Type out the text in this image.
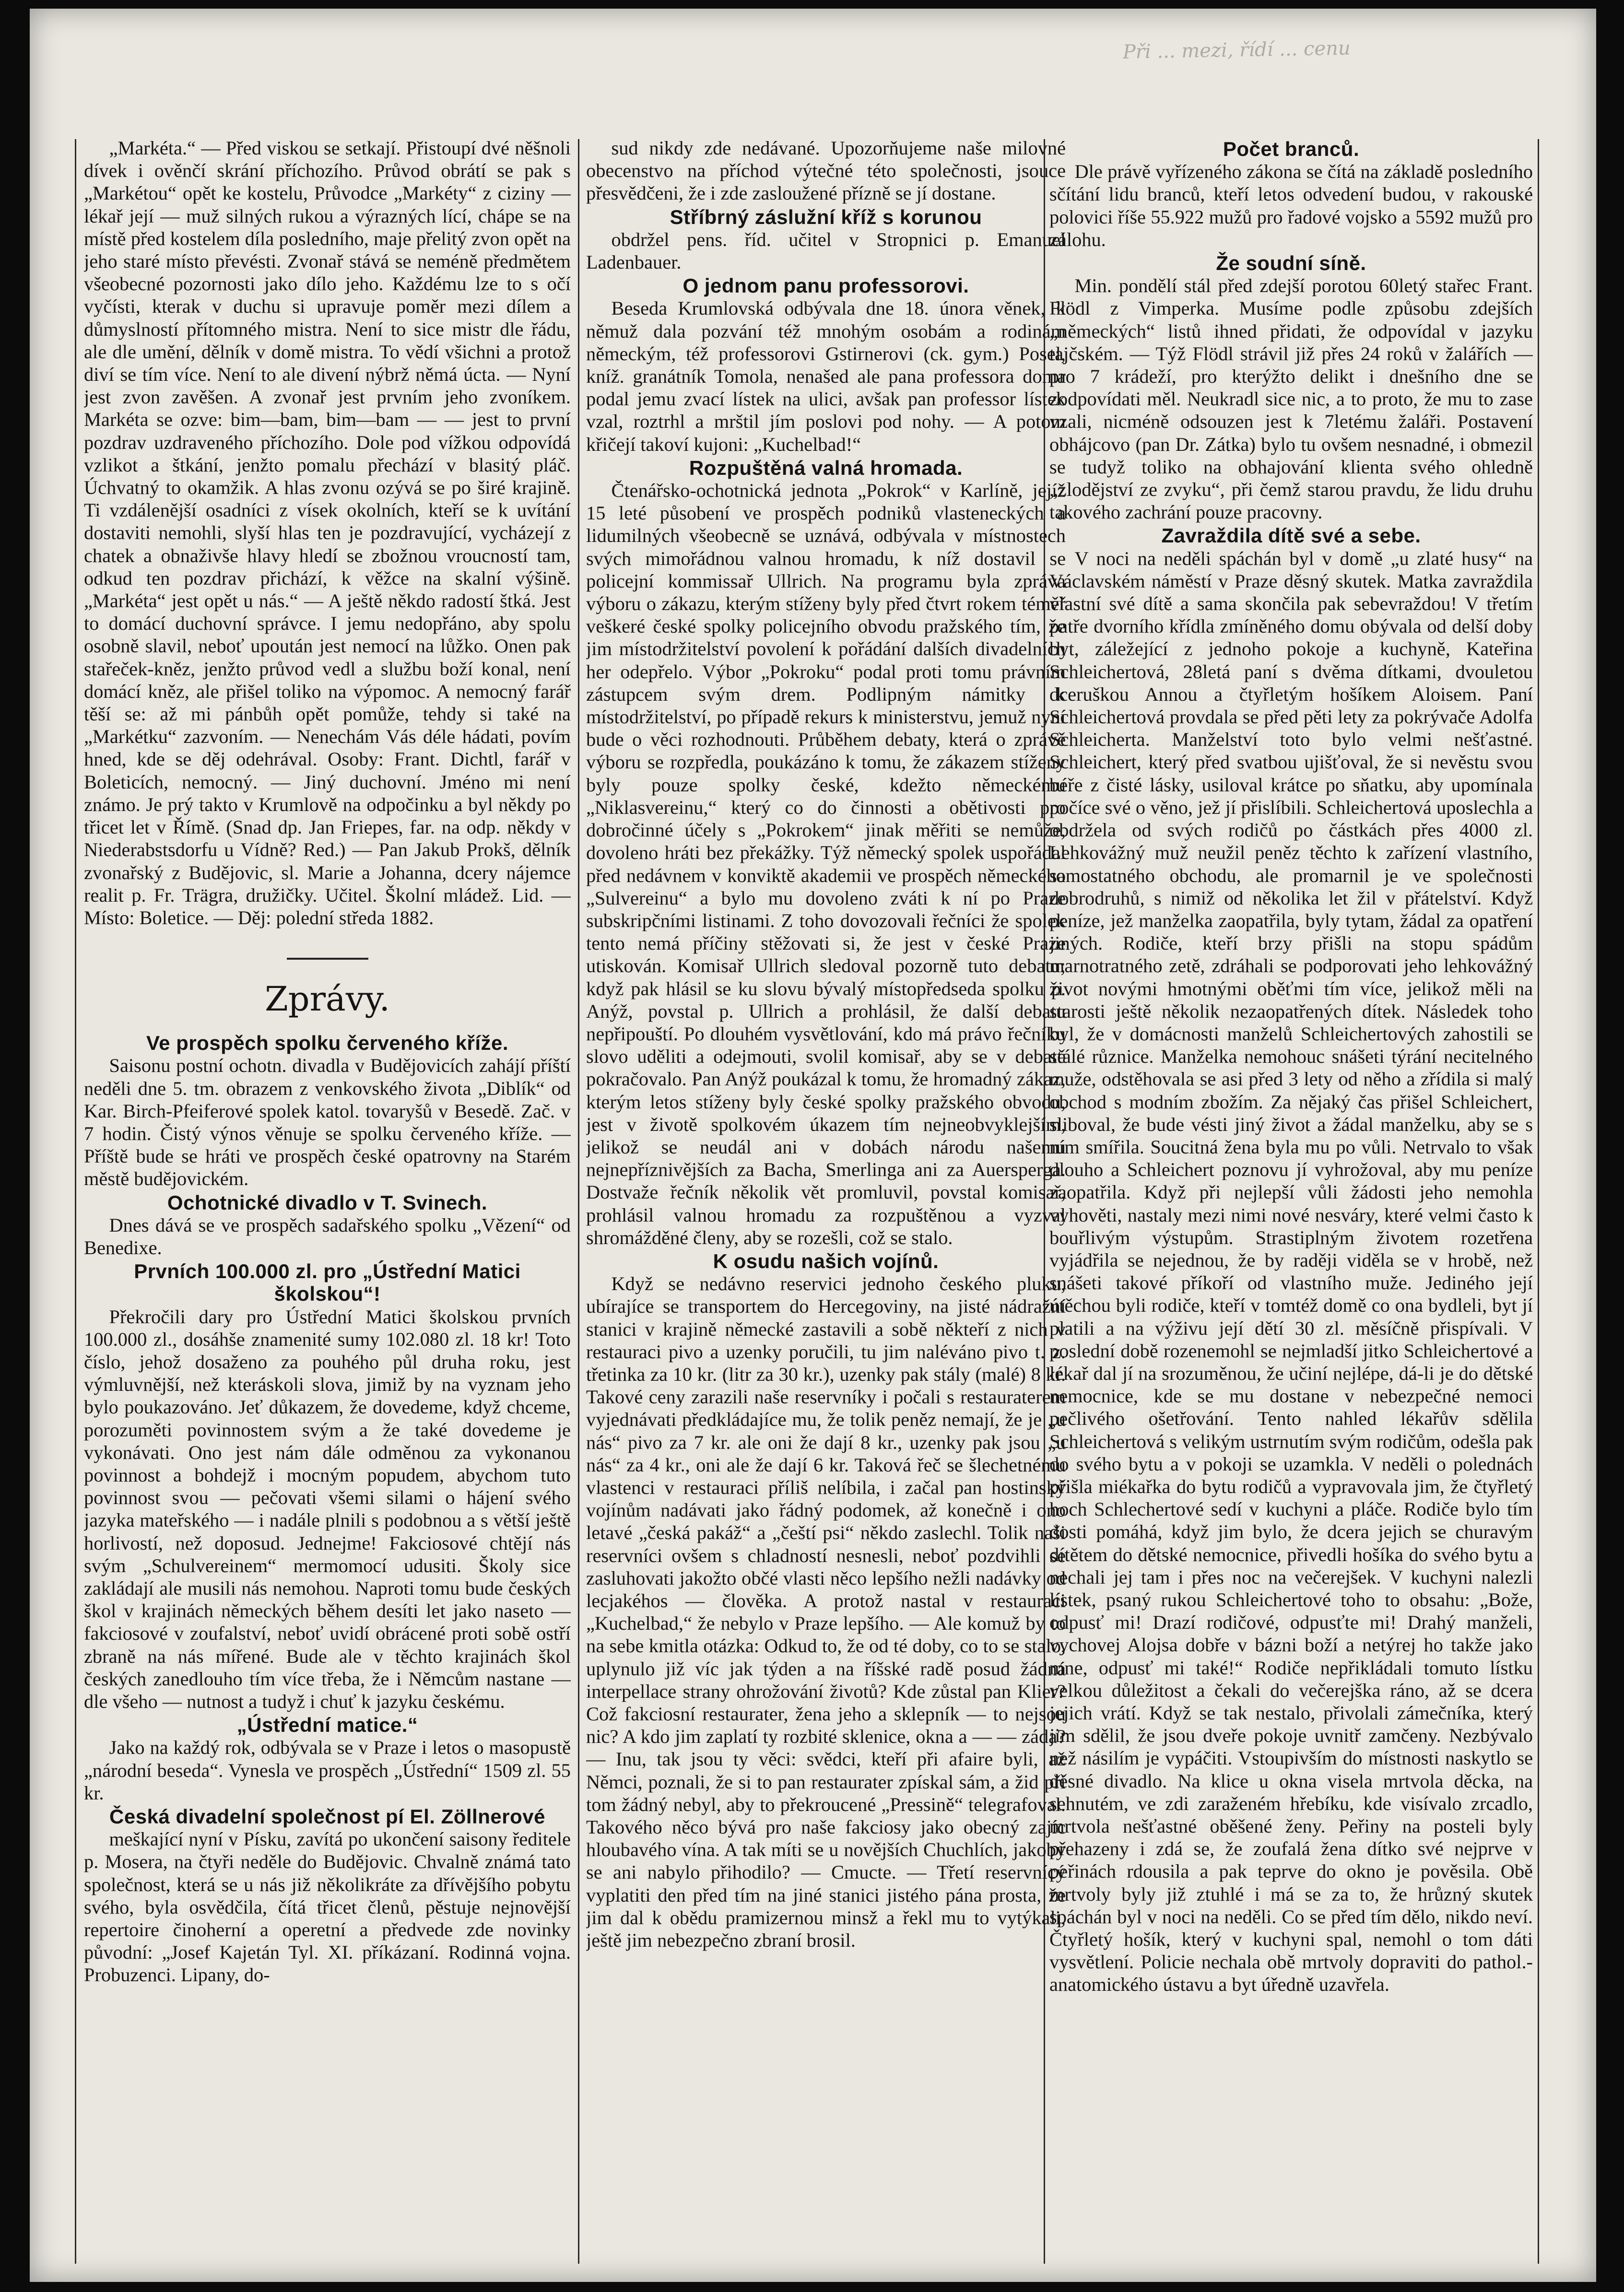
Při ... mezi, řídí ... cenu

„Markéta.“ — Před viskou se setkají. Přistoupí dvé něšnoli dívek i ověnčí skrání příchozího. Průvod obrátí se pak s „Markétou“ opět ke kostelu, Průvodce „Markéty“ z ciziny — lékař její — muž silných rukou a výrazných lící, chápe se na místě před kostelem díla posledního, maje přelitý zvon opět na jeho staré místo převésti. Zvonař stává se neméně předmětem všeobecné pozornosti jako dílo jeho. Každému lze to s očí vyčísti, kterak v duchu si upravuje poměr mezi dílem a důmyslností přítomného mistra. Není to sice mistr dle řádu, ale dle umění, dělník v domě mistra. To vědí všichni a protož diví se tím více. Není to ale divení nýbrž němá úcta. — Nyní jest zvon zavěšen. A zvonař jest prvním jeho zvoníkem. Markéta se ozve: bim—bam, bim—bam — — jest to první pozdrav uzdraveného příchozího. Dole pod vížkou odpovídá vzlikot a štkání, jenžto pomalu přechází v blasitý pláč. Úchvatný to okamžik. A hlas zvonu ozývá se po širé krajině. Ti vzdálenější osadníci z vísek okolních, kteří se k uvítání dostaviti nemohli, slyší hlas ten je pozdravující, vycházejí z chatek a obnaživše hlavy hledí se zbožnou vroucností tam, odkud ten pozdrav přichází, k věžce na skalní výšině. „Markéta“ jest opět u nás.“ — A ještě někdo radostí štká. Jest to domácí duchovní správce. I jemu nedopřáno, aby spolu osobně slavil, neboť upoután jest nemocí na lůžko. Onen pak stařeček-kněz, jenžto průvod vedl a službu boží konal, není domácí kněz, ale přišel toliko na výpomoc. A nemocný farář těší se: až mi pánbůh opět pomůže, tehdy si také na „Markétku“ zazvoním. — Nenechám Vás déle hádati, povím hned, kde se děj odehrával. Osoby: Frant. Dichtl, farář v Boleticích, nemocný. — Jiný duchovní. Jméno mi není známo. Je prý takto v Krumlově na odpočinku a byl někdy po třicet let v Římě. (Snad dp. Jan Friepes, far. na odp. někdy v Niederabstsdorfu u Vídně? Red.) — Pan Jakub Prokš, dělník zvonařský z Budějovic, sl. Marie a Johanna, dcery nájemce realit p. Fr. Trägra, družičky. Učitel. Školní mládež. Lid. — Místo: Boletice. — Děj: polední středa 1882.

Zprávy.
Ve prospěch spolku červeného kříže.

Saisonu postní ochotn. divadla v Budějovicích zahájí příští neděli dne 5. tm. obrazem z venkovského života „Diblík“ od Kar. Birch-Pfeiferové spolek katol. tovaryšů v Besedě. Zač. v 7 hodin. Čistý výnos věnuje se spolku červeného kříže. — Příště bude se hráti ve prospěch české opatrovny na Starém městě budějovickém.

Ochotnické divadlo v T. Svinech.

Dnes dává se ve prospěch sadařského spolku „Vězení“ od Benedixe.

Prvních 100.000 zl. pro „Ústřední Matici školskou“!

Překročili dary pro Ústřední Matici školskou prvních 100.000 zl., dosáhše znamenité sumy 102.080 zl. 18 kr! Toto číslo, jehož dosaženo za pouhého půl druha roku, jest výmluvnější, než kteráskoli slova, jimiž by na vyznam jeho bylo poukazováno. Jeť důkazem, že dovedeme, když chceme, porozuměti povinnostem svým a že také dovedeme je vykonávati. Ono jest nám dále odměnou za vykonanou povinnost a bohdejž i mocným popudem, abychom tuto povinnost svou — pečovati všemi silami o hájení svého jazyka mateřského — i nadále plnili s podobnou a s větší ještě horlivostí, než doposud. Jednejme! Fakciosové chtějí nás svým „Schulvereinem“ mermomocí udusiti. Školy sice zakládají ale musili nás nemohou. Naproti tomu bude českých škol v krajinách německých během desíti let jako naseto — fakciosové v zoufalství, neboť uvidí obrácené proti sobě ostří zbraně na nás mířené. Bude ale v těchto krajinách škol českých zanedlouho tím více třeba, že i Němcům nastane — dle všeho — nutnost a tudyž i chuť k jazyku českému.

„Ústřední matice.“

Jako na každý rok, odbývala se v Praze i letos o masopustě „národní beseda“. Vynesla ve prospěch „Ústřední“ 1509 zl. 55 kr.

Česká divadelní společnost pí El. Zöllnerové

meškající nyní v Písku, zavítá po ukončení saisony ředitele p. Mosera, na čtyři neděle do Budějovic. Chvalně známá tato společnost, která se u nás již několikráte za dřívějšího pobytu svého, byla osvědčila, čítá třicet členů, pěstuje nejnovější repertoire činoherní a operetní a předvede zde novinky původní: „Josef Kajetán Tyl. XI. příkázaní. Rodinná vojna. Probuzenci. Lipany, do-

sud nikdy zde nedávané. Upozorňujeme naše milovné obecenstvo na příchod výtečné této společnosti, jsouce přesvědčeni, že i zde zasloužené přízně se jí dostane.

Stříbrný záslužní kříž s korunou

obdržel pens. říd. učitel v Stropnici p. Emanuel Ladenbauer.

O jednom panu professorovi.

Beseda Krumlovská odbývala dne 18. února věnek, k němuž dala pozvání též mnohým osobám a rodinám německým, též professorovi Gstirnerovi (ck. gym.) Posel, kníž. granátník Tomola, nenašed ale pana professora doma podal jemu zvací lístek na ulici, avšak pan professor lístek vzal, roztrhl a mrštil jím poslovi pod nohy. — A potom křičejí takoví kujoni: „Kuchelbad!“

Rozpuštěná valná hromada.

Čtenářsko-ochotnická jednota „Pokrok“ v Karlíně, jejíž 15 leté působení ve prospěch podniků vlasteneckých a lidumilných všeobecně se uznává, odbývala v místnostech svých mimořádnou valnou hromadu, k níž dostavil se policejní kommissař Ullrich. Na programu byla zpráva výboru o zákazu, kterým stíženy byly před čtvrt rokem téměř veškeré české spolky policejního obvodu pražského tím, že jim místodržitelství povolení k pořádání dalších divadelních her odepřelo. Výbor „Pokroku“ podal proti tomu právním zástupcem svým drem. Podlipným námitky k místodržitelství, po případě rekurs k ministerstvu, jemuž nyní bude o věci rozhodnouti. Průběhem debaty, která o zprávě výboru se rozpředla, poukázáno k tomu, že zákazem stíženy byly pouze spolky české, kdežto německému „Niklasvereinu,“ který co do činnosti a obětivosti pro dobročinné účely s „Pokrokem“ jinak měřiti se nemůže, dovoleno hráti bez překážky. Týž německý spolek uspořádal před nedávnem v konviktě akademii ve prospěch německého „Sulvereinu“ a bylo mu dovoleno zváti k ní po Praze subskripčními listinami. Z toho dovozovali řečníci že spolek tento nemá příčiny stěžovati si, že jest v české Praze utiskován. Komisař Ullrich sledoval pozorně tuto debatu; když pak hlásil se ku slovu bývalý místopředseda spolku p. Anýž, povstal p. Ullrich a prohlásil, že další debatu nepřipouští. Po dlouhém vysvětlování, kdo má právo řečníku slovo uděliti a odejmouti, svolil komisař, aby se v debatě pokračovalo. Pan Anýž poukázal k tomu, že hromadný zákaz, kterým letos stíženy byly české spolky pražského obvodu, jest v životě spolkovém úkazem tím nejneobvyklejším, jelikož se neudál ani v dobách národu našemu nejnepříznivějších za Bacha, Smerlinga ani za Auersperga. Dostvaže řečník několik vět promluvil, povstal komisař, prohlásil valnou hromadu za rozpuštěnou a vyzval shromážděné členy, aby se rozešli, což se stalo.

K osudu našich vojínů.

Když se nedávno reservici jednoho českého pluku, ubírajíce se transportem do Hercegoviny, na jisté nádražní stanici v krajině německé zastavili a sobě někteří z nich v restauraci pivo a uzenky poručili, tu jim naléváno pivo t. z. třetinka za 10 kr. (litr za 30 kr.), uzenky pak stály (malé) 8 kr. Takové ceny zarazili naše reservníky i počali s restauraterem vyjednávati předkládajíce mu, že tolik peněz nemají, že je „u nás“ pivo za 7 kr. ale oni že dají 8 kr., uzenky pak jsou „u nás“ za 4 kr., oni ale že dají 6 kr. Taková řeč se šlechetnému vlastenci v restauraci příliš nelíbila, i začal pan hostinský vojínům nadávati jako řádný podomek, až konečně i ono letavé „česká pakáž“ a „čeští psi“ někdo zaslechl. Tolik naši reservníci ovšem s chladností nesnesli, neboť pozdvihli se zasluhovati jakožto občé vlasti něco lepšího nežli nadávky od lecjakéhos — člověka. A protož nastal v restauraci „Kuchelbad,“ že nebylo v Praze lepšího. — Ale komuž by to na sebe kmitla otázka: Odkud to, že od té doby, co to se stalo, uplynulo již víc jak týden a na říšské radě posud žádná interpellace strany ohrožování životů? Kde zůstal pan Klier? Což fakciosní restaurater, žena jeho a sklepník — to nejsou nic? A kdo jim zaplatí ty rozbité sklenice, okna a — — záda? — Inu, tak jsou ty věci: svědci, kteří při afaire byli, až Němci, poznali, že si to pan restaurater zpískal sám, a žid při tom žádný nebyl, aby to překroucené „Pressině“ telegrafoval. Takového něco bývá pro naše fakciosy jako obecný zajíc hloubavého vína. A tak míti se u novějších Chuchlích, jakoby se ani nabylo přihodilo? — Cmucte. — Třetí reservnícý vyplatiti den před tím na jiné stanici jistého pána prosta, že jim dal k obědu pramizernou minsž a řekl mu to vytýkali, ještě jim nebezpečno zbraní brosil.

Počet branců.

Dle právě vyřízeného zákona se čítá na základě posledního sčítání lidu branců, kteří letos odvedení budou, v rakouské polovici říše 55.922 mužů pro řadové vojsko a 5592 mužů pro zálohu.

Že soudní síně.

Min. pondělí stál před zdejší porotou 60letý stařec Frant. Flödl z Vimperka. Musíme podle způsobu zdejších „německých“ listů ihned přidati, že odpovídal v jazyku tajčském. — Týž Flödl strávil již přes 24 roků v žalářích — pro 7 krádeží, pro kterýžto delikt i dnešního dne se zodpovídati měl. Neukradl sice nic, a to proto, že mu to zase vzali, nicméně odsouzen jest k 7letému žaláři. Postavení obhájcovo (pan Dr. Zátka) bylo tu ovšem nesnadné, i obmezil se tudyž toliko na obhajování klienta svého ohledně „zlodějství ze zvyku“, při čemž starou pravdu, že lidu druhu takového zachrání pouze pracovny.

Zavraždila dítě své a sebe.

V noci na neděli spáchán byl v domě „u zlaté husy“ na Václavském náměstí v Praze děsný skutek. Matka zavraždila vlastní své dítě a sama skončila pak sebevraždou! V třetím patře dvorního křídla zmíněného domu obývala od delší doby byt, záležející z jednoho pokoje a kuchyně, Kateřina Schleichertová, 28letá paní s dvěma dítkami, dvouletou dceruškou Annou a čtyřletým hošíkem Aloisem. Paní Schleichertová provdala se před pěti lety za pokrývače Adolfa Schleicherta. Manželství toto bylo velmi nešťastné. Schleichert, který před svatbou ujišťoval, že si nevěstu svou béře z čisté lásky, usiloval krátce po sňatku, aby upomínala počíce své o věno, jež jí přislíbili. Schleichertová uposlechla a obdržela od svých rodičů po částkách přes 4000 zl. Lehkovážný muž neužil peněz těchto k zařízení vlastního, samostatného obchodu, ale promarnil je ve společnosti dobrodruhů, s nimiž od několika let žil v přátelství. Když peníze, jež manželka zaopatřila, byly tytam, žádal za opatření jiných. Rodiče, kteří brzy přišli na stopu spádům marnotratného zetě, zdráhali se podporovati jeho lehkovážný život novými hmotnými oběťmi tím více, jelikož měli na starosti ještě několik nezaopatřených dítek. Následek toho byl, že v domácnosti manželů Schleichertových zahostili se stálé různice. Manželka nemohouc snášeti týrání necitelného muže, odstěhovala se asi před 3 lety od něho a zřídila si malý obchod s modním zbožím. Za nějaký čas přišel Schleichert, sliboval, že bude vésti jiný život a žádal manželku, aby se s ním smířila. Soucitná žena byla mu po vůli. Netrvalo to však dlouho a Schleichert poznovu jí vyhrožoval, aby mu peníze zaopatřila. Když při nejlepší vůli žádosti jeho nemohla vyhověti, nastaly mezi nimi nové nesváry, které velmi často k bouřlivým výstupům. Strastiplným životem rozetřena vyjádřila se nejednou, že by raději viděla se v hrobě, než snášeti takové příkoří od vlastního muže. Jediného její útěchou byli rodiče, kteří v tomtéž domě co ona bydleli, byt jí platili a na výživu její dětí 30 zl. měsíčně přispívali. V poslední době rozenemohl se nejmladší jitko Schleichertové a lékař dal jí na srozuměnou, že učiní nejlépe, dá-li je do dětské nemocnice, kde se mu dostane v nebezpečné nemoci pečlivého ošetřování. Tento nahled lékařův sdělila Schleichertová s velikým ustrnutím svým rodičům, odešla pak do svého bytu a v pokoji se uzamkla. V neděli o polednách přišla miékařka do bytu rodičů a vypravovala jim, že čtyřletý hoch Schlechertové sedí v kuchyni a pláče. Rodiče bylo tím dosti pomáhá, když jim bylo, že dcera jejich se churavým dítětem do dětské nemocnice, přivedli hošíka do svého bytu a nechali jej tam i přes noc na večerejšek. V kuchyni nalezli lístek, psaný rukou Schleichertové toho to obsahu: „Bože, odpusť mi! Drazí rodičové, odpusťte mi! Drahý manželi, vychovej Alojsa dobře v bázni boží a netýrej ho takže jako mne, odpusť mi také!“ Rodiče nepřikládali tomuto lístku velkou důležitost a čekali do večerejška ráno, až se dcera jejich vrátí. Když se tak nestalo, přivolali zámečníka, který jim sdělil, že jsou dveře pokoje uvnitř zamčeny. Nezbývalo než násilím je vypáčiti. Vstoupivším do místnosti naskytlo se děsné divadlo. Na klice u okna visela mrtvola děcka, na sehnutém, ve zdi zaraženém hřebíku, kde visívalo zrcadlo, mrtvola nešťastné oběšené ženy. Peřiny na posteli byly přehazeny i zdá se, že zoufalá žena dítko své nejprve v peřinách rdousila a pak teprve do okno je pověsila. Obě mrtvoly byly již ztuhlé i má se za to, že hrůzný skutek spáchán byl v noci na neděli. Co se před tím dělo, nikdo neví. Čtyřletý hošík, který v kuchyni spal, nemohl o tom dáti vysvětlení. Policie nechala obě mrtvoly dopraviti do pathol.-anatomického ústavu a byt úředně uzavřela.
